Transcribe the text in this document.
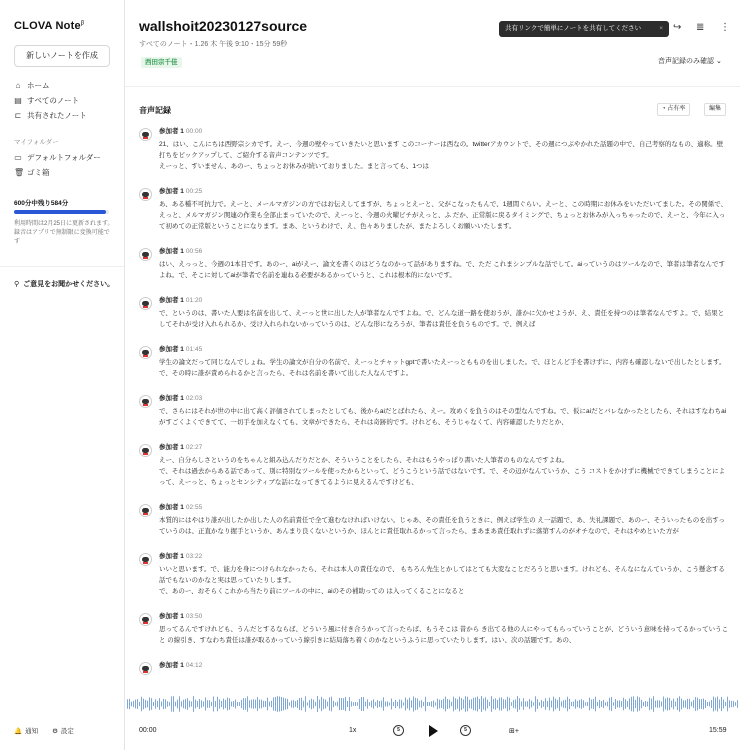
CLOVA Note$^\beta$
新しいノートを作成
⌂ ホーム
▤ すべてのノート
⊏ 共有されたノート
マイフォルダー
▭ デフォルトフォルダー
🗑 ゴミ箱
600分中残り584分
利用時間は2月25日に更新されます。録音はアプリで無制限に変換可能です
⚲ ご意見をお聞かせください。
🔔 通知 ⚙ 設定
wallshoit20230127source
すべてのノート・1.26 木 午後 9:10・15分 59秒
西田宗千佳
共有リンクで簡単にノートを共有してください	× ↪ ≣ ⋮
音声記録のみ確認 ⌄
音声記録	◔ 占有率	編集
参加者 1 00:00
21、はい、こんにちは西野宗シカです。えー、今週の壁やっていきたいと思います このコーナーは西なの。twitterアカウントで、その週につぶやかれた話題の中で、自己考察的なもの、適称。壁打ちをピックアップして、ご紹介する音声コンテンツです。
えーっと、すいません、あのー、ちょっとお休みが続いておりました。まと言っても、1つは
参加者 1 00:25
あ、ある種不可抗力で。えーと、メールマガジンの方ではお伝えしてますが、ちょっとえーと、父がこなったもんで、1週間ぐらい。えーと、この時期にお休みをいただいてました。その関係で、えっと、メルマガジン関連の作業も全部止まっていたので、えーっと、今週の火曜ピチがえっと、ふ だか、正常版に戻るタイミングで、ちょっとお休みが入っちゃったので、えーと、今年に入って初めての正常版ということになります。まあ、というわけで、え、色々ありましたが、またよろしくお願いいたします。
参加者 1 00:56
はい、えっっと、今週の1本目です。あのー、aiがえー、論文を書くのはどうなのかって話がありますね。で、ただ これまシンプルな話でして。aiっていうのはツールなので、筆者は筆者なんですよね。で、そこに対してaiが筆者で名前を連ねる必要があるかっていうと、これは根本的にないです。
参加者 1 01:20
で、というのは、書いた人要は名前を出して、えーっと世に出した人が筆者なんですよね。で、どんな道一路を使おうが、誰かに欠かせようが、え、責任を持つのは筆者なんですよ。で、結果としてそれが受け入れられるか、受け入れられないかっていうのは、どんな形になろうが、筆者は責任を負うものです。で、例えば
参加者 1 01:45
学生の論文だって同じなんでしょね。学生の論文が自分の名前で、えーっとチャットgptで書いたえーっともものを出しました。で、ほとんど手を書けずに、内容も確認しないで出したとします。
で、その時に誰が責められるかと言ったら、それは名前を書いて出した人なんですよ。
参加者 1 02:03
で、さらにはそれが世の中に出て高く評価されてしまったとしても、後からaiだとばれたら、えー。攻めくを負うのはその型なんですね。で、仮にaiだとバレなかったとしたら、それはすなわちaiがすごくよくできてて、一切手を加えなくても、文章ができたら、それは奇跡的です。けれども、そうじゃなくて、内容確認したりだとか、
参加者 1 02:27
えー、自分らしさというのをちゃんと組み込んだりだとか、そういうことをしたら、それはもうやっぱり書いた人筆者のものなんですよね。
で、それは過去からある話であって、別に特別なツールを使ったからといって、どうこうという話ではないです。で、その辺がなんていうか、こう コストをかけずに機械でできてしまうことによって、えーっと、ちょっとセンシティブな話になってきてるように見えるんですけども、
参加者 1 02:55
本質的にはやはり誰が出したか出した人の名前責任で全て進むなければいけない。じゃあ、その責任を負うときに、例えば学生の え一話題で、あ、失礼課題で、あのー、そういったものを出すっていうのは、正直かなり握手というか、あんまり良くないというか、ほんとに責任取れるかって言ったら、まあまあ責任取れずに落第すんのがオチなので、それはやめといた方が
参加者 1 03:22
いいと思います。で、能力を身につけられなかったら、それは本人の責任なので、 もちろん先生とかしてはとても大変なことだろうと思います。けれども、そんなになんていうか、こう懸念する話でもないのかなと実は思っていたりします。
で、あのー、おそらくこれから当たり前にツールの中に、aiのその補助っての は入ってくることになると
参加者 1 03:50
思ってるんですけれども、うんだとするならば、どういう風に付き合うかって言ったらば、もうそこは 昔から き出てる他の人にやってもらっていうことが、どういう意味を持ってるかっていうこと の線引き、すなわち責任は誰が取るかっていう線引きに結局落ち着くのかなというふうに思っていたりします。はい、次の話題です。あの、
参加者 1 04:12
00:00	1x	5	5	⊞+	15:59
